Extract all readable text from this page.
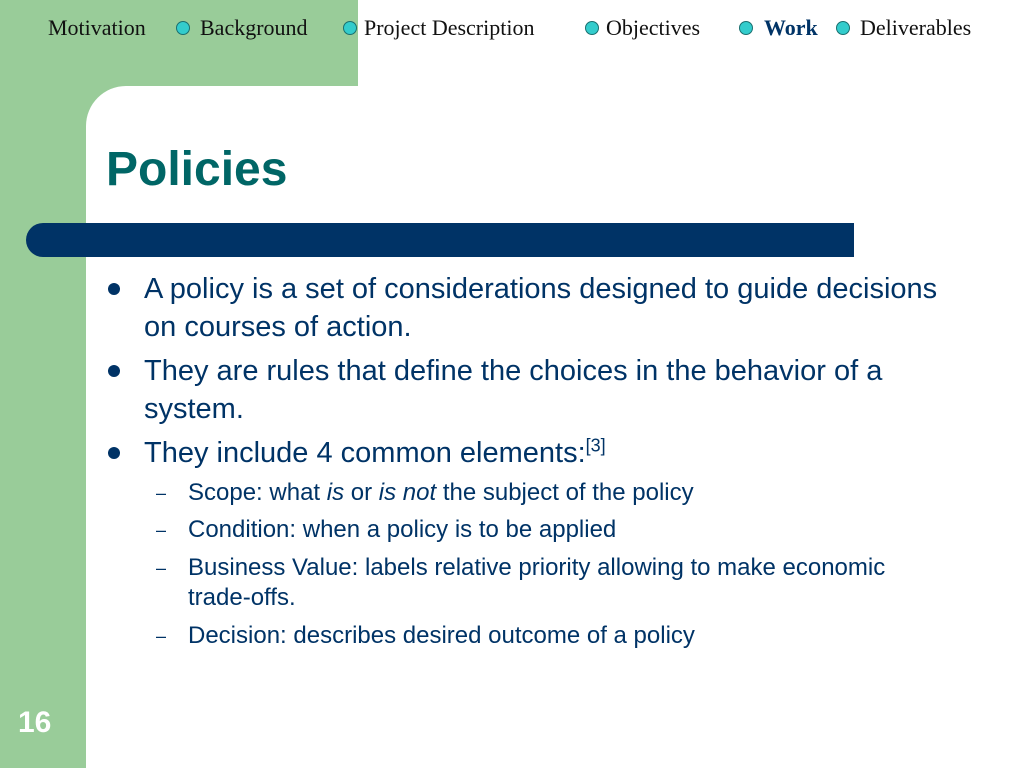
Motivation Background	Project Description	Objectives	Work Deliverables
Policies
A policy is a set of considerations designed to guide decisions on courses of action.
They are rules that define the choices in the behavior of a system.
They include 4 common elements:[3]
– Scope: what is or is not the subject of the policy
– Condition: when a policy is to be applied
– Business Value: labels relative priority allowing to make economic trade-offs.
– Decision: describes desired outcome of a policy
16
